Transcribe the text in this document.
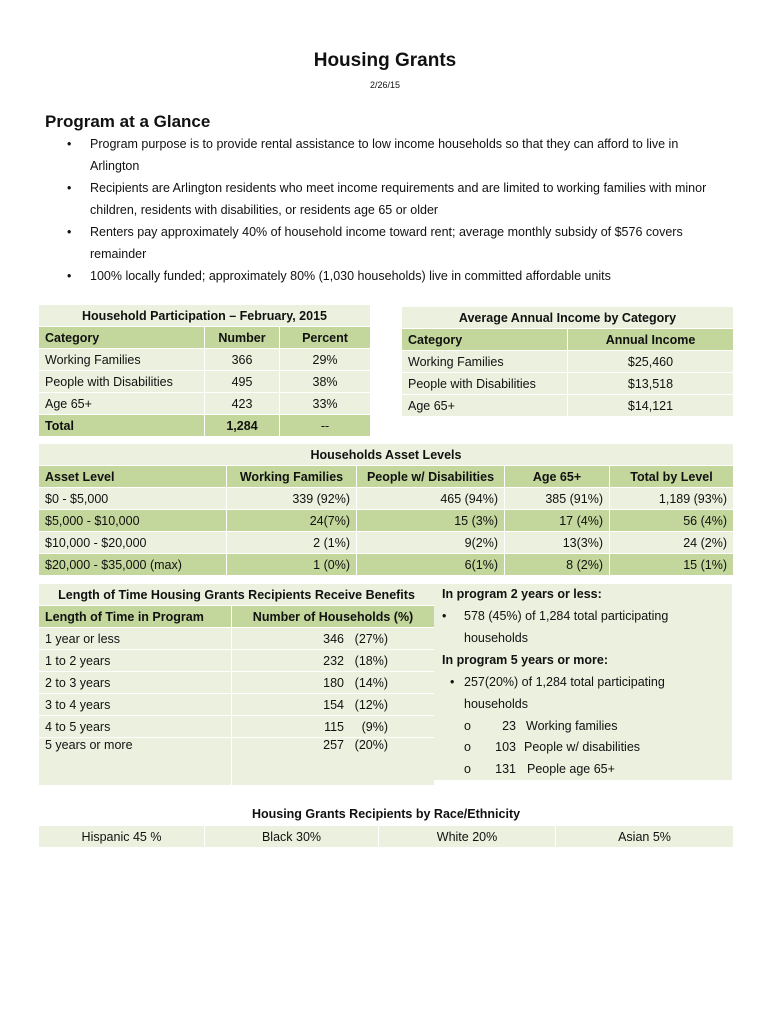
Housing Grants
2/26/15
Program at a Glance
• Program purpose is to provide rental assistance to low income households so that they can afford to live in Arlington
• Recipients are Arlington residents who meet income requirements and are limited to working families with minor children, residents with disabilities, or residents age 65 or older
• Renters pay approximately 40% of household income toward rent; average monthly subsidy of $576 covers remainder
• 100% locally funded; approximately 80% (1,030 households) live in committed affordable units
Household Participation – February, 2015		
Category	Number	Percent
Working Families	366	29%
People with Disabilities	495	38%
Age 65+	423	33%
Total	1,284	--
Average Annual Income by Category	
Category	Annual Income
Working Families	$25,460
People with Disabilities	$13,518
Age 65+	$14,121
Households Asset Levels				
Asset Level	Working Families	People w/ Disabilities	Age 65+	Total by Level
$0 - $5,000	339 (92%)	465 (94%)	385 (91%)	1,189 (93%)
$5,000 - $10,000	24(7%)	15 (3%)	17 (4%)	56 (4%)
$10,000 - $20,000	2 (1%)	9(2%)	13(3%)	24 (2%)
$20,000 - $35,000 (max)	1 (0%)	6(1%)	8 (2%)	15 (1%)
Length of Time Housing Grants Recipients Receive Benefits	
Length of Time in Program	Number of Households (%)
1 year or less	346 (27%)
1 to 2 years	232 (18%)
2 to 3 years	180 (14%)
3 to 4 years	154 (12%)
4 to 5 years	115 (9%)
5 years or more	257 (20%)
In program 2 years or less:
• 578 (45%) of 1,284 total participating
households
In program 5 years or more:
• 257(20%) of 1,284 total participating
households
o	23 Working families
o	103 People w/ disabilities
o	131 People age 65+
Housing Grants Recipients by Race/Ethnicity
Hispanic 45 %	Black 30%	White 20%	Asian 5%
